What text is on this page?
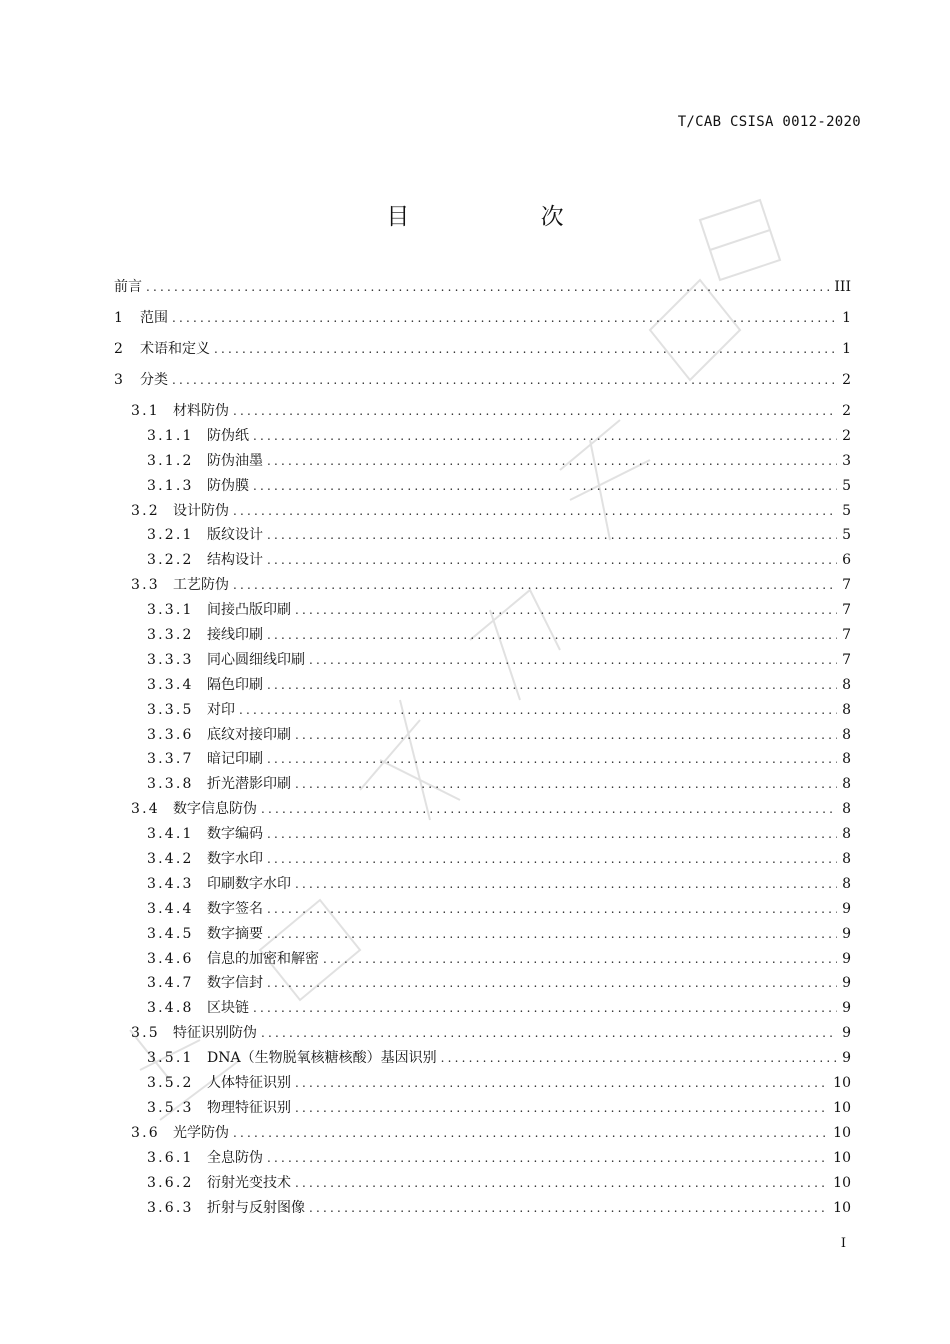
T/CAB CSISA 0012-2020
目 次
前言 .....	III
1	范围 .....	1
2	术语和定义 .....	1
3	分类 .....	2
3.1 材料防伪 .....	2
3.1.1 防伪纸 .....	2
3.1.2 防伪油墨 .....	3
3.1.3 防伪膜 .....	5
3.2 设计防伪 .....	5
3.2.1 版纹设计 .....	5
3.2.2 结构设计 .....	6
3.3 工艺防伪 .....	7
3.3.1 间接凸版印刷 .....	7
3.3.2 接线印刷 .....	7
3.3.3 同心圆细线印刷 .....	7
3.3.4 隔色印刷 .....	8
3.3.5 对印 .....	8
3.3.6 底纹对接印刷 .....	8
3.3.7 暗记印刷 .....	8
3.3.8 折光潜影印刷 .....	8
3.4 数字信息防伪 .....	8
3.4.1 数字编码 .....	8
3.4.2 数字水印 .....	8
3.4.3 印刷数字水印 .....	8
3.4.4 数字签名 .....	9
3.4.5 数字摘要 .....	9
3.4.6 信息的加密和解密 .....	9
3.4.7 数字信封 .....	9
3.4.8 区块链 .....	9
3.5 特征识别防伪 .....	9
3.5.1 DNA（生物脱氧核糖核酸）基因识别 .....	9
3.5.2 人体特征识别 .....	10
3.5.3 物理特征识别 .....	10
3.6 光学防伪 .....	10
3.6.1 全息防伪 .....	10
3.6.2 衍射光变技术 .....	10
3.6.3 折射与反射图像 .....	10
I
